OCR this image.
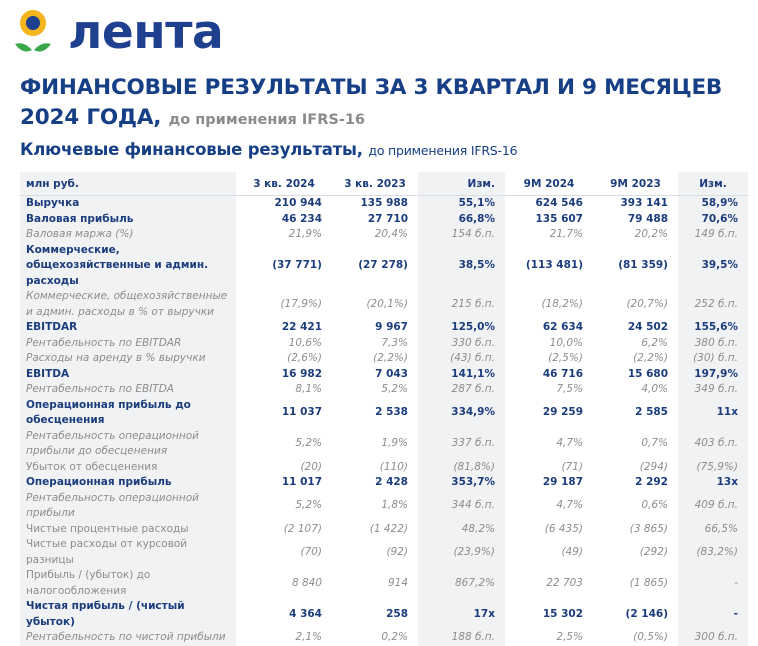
лента
ФИНАНСОВЫЕ РЕЗУЛЬТАТЫ ЗА 3 КВАРТАЛ И 9 МЕСЯЦЕВ 2024 ГОДА, до применения IFRS-16
Ключевые финансовые результаты, до применения IFRS-16
млн руб.	3 кв. 2024	3 кв. 2023	Изм.	9М 2024	9М 2023	Изм.
Выручка	210 944	135 988	55,1%	624 546	393 141	58,9%
Валовая прибыль	46 234	27 710	66,8%	135 607	79 488	70,6%
Валовая маржа (%)	21,9%	20,4%	154 б.п.	21,7%	20,2%	149 б.п.
Коммерческие, общехозяйственные и админ. расходы	(37 771)	(27 278)	38,5%	(113 481)	(81 359)	39,5%
Коммерческие, общехозяйственные и админ. расходы в % от выручки	(17,9%)	(20,1%)	215 б.п.	(18,2%)	(20,7%)	252 б.п.
EBITDAR	22 421	9 967	125,0%	62 634	24 502	155,6%
Рентабельность по EBITDAR	10,6%	7,3%	330 б.п.	10,0%	6,2%	380 б.п.
Расходы на аренду в % выручки	(2,6%)	(2,2%)	(43) б.п.	(2,5%)	(2,2%)	(30) б.п.
EBITDA	16 982	7 043	141,1%	46 716	15 680	197,9%
Рентабельность по EBITDA	8,1%	5,2%	287 б.п.	7,5%	4,0%	349 б.п.
Операционная прибыль до обесценения	11 037	2 538	334,9%	29 259	2 585	11x
Рентабельность операционной прибыли до обесценения	5,2%	1,9%	337 б.п.	4,7%	0,7%	403 б.п.
Убыток от обесценения	(20)	(110)	(81,8%)	(71)	(294)	(75,9%)
Операционная прибыль	11 017	2 428	353,7%	29 187	2 292	13x
Рентабельность операционной прибыли	5,2%	1,8%	344 б.п.	4,7%	0,6%	409 б.п.
Чистые процентные расходы	(2 107)	(1 422)	48,2%	(6 435)	(3 865)	66,5%
Чистые расходы от курсовой разницы	(70)	(92)	(23,9%)	(49)	(292)	(83,2%)
Прибыль / (убыток) до налогообложения	8 840	914	867,2%	22 703	(1 865)	-
Чистая прибыль / (чистый убыток)	4 364	258	17x	15 302	(2 146)	-
Рентабельность по чистой прибыли	2,1%	0,2%	188 б.п.	2,5%	(0,5%)	300 б.п.
